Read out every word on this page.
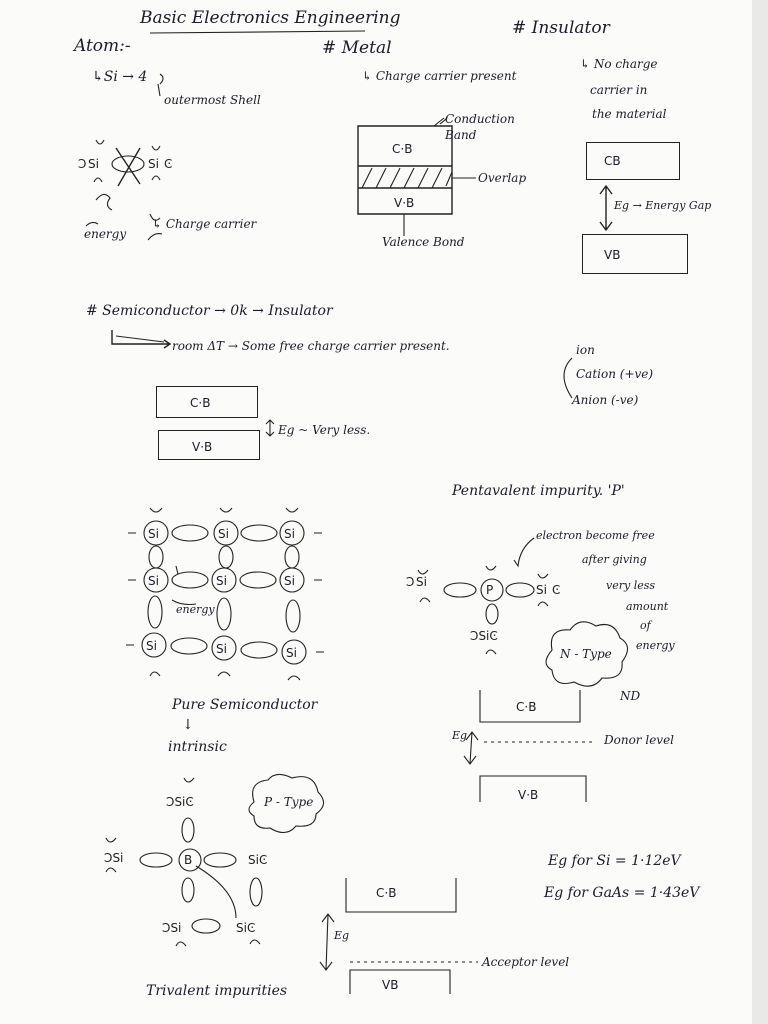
Basic Electronics Engineering
Atom:-
↳Si → 4
outermost Shell
Ͻ Si	Si Ͼ
energy
↳ Charge carrier
# Metal
↳ Charge carrier present
Conduction Band
C·B
Overlap
V·B
Valence Bond
# Insulator
↳ No charge
carrier in
the material
CB
Eg → Energy Gap
VB
# Semiconductor → 0k → Insulator
room ΔT → Some free charge carrier present.
C·B
V·B
Eg ~ Very less.
ion
Cation (+ve)
Anion (-ve)
Si	Si	Si
Si	Si	Si
Si	Si	Si
energy
Pure Semiconductor
↓
intrinsic
Pentavalent impurity. 'P'
electron become free
after giving
very less
amount
of
energy
Ͻ Si
P	Si Ͼ
ϽSiϾ
N - Type
ND
C·B
Eg	Donor level
V·B
ϽSiϾ
ϽSi	B	SiϾ
ϽSi	SiϾ
P - Type
C·B
Eg
Acceptor level
VB
Trivalent impurities
Eg for Si = 1·12eV
Eg for GaAs = 1·43eV
